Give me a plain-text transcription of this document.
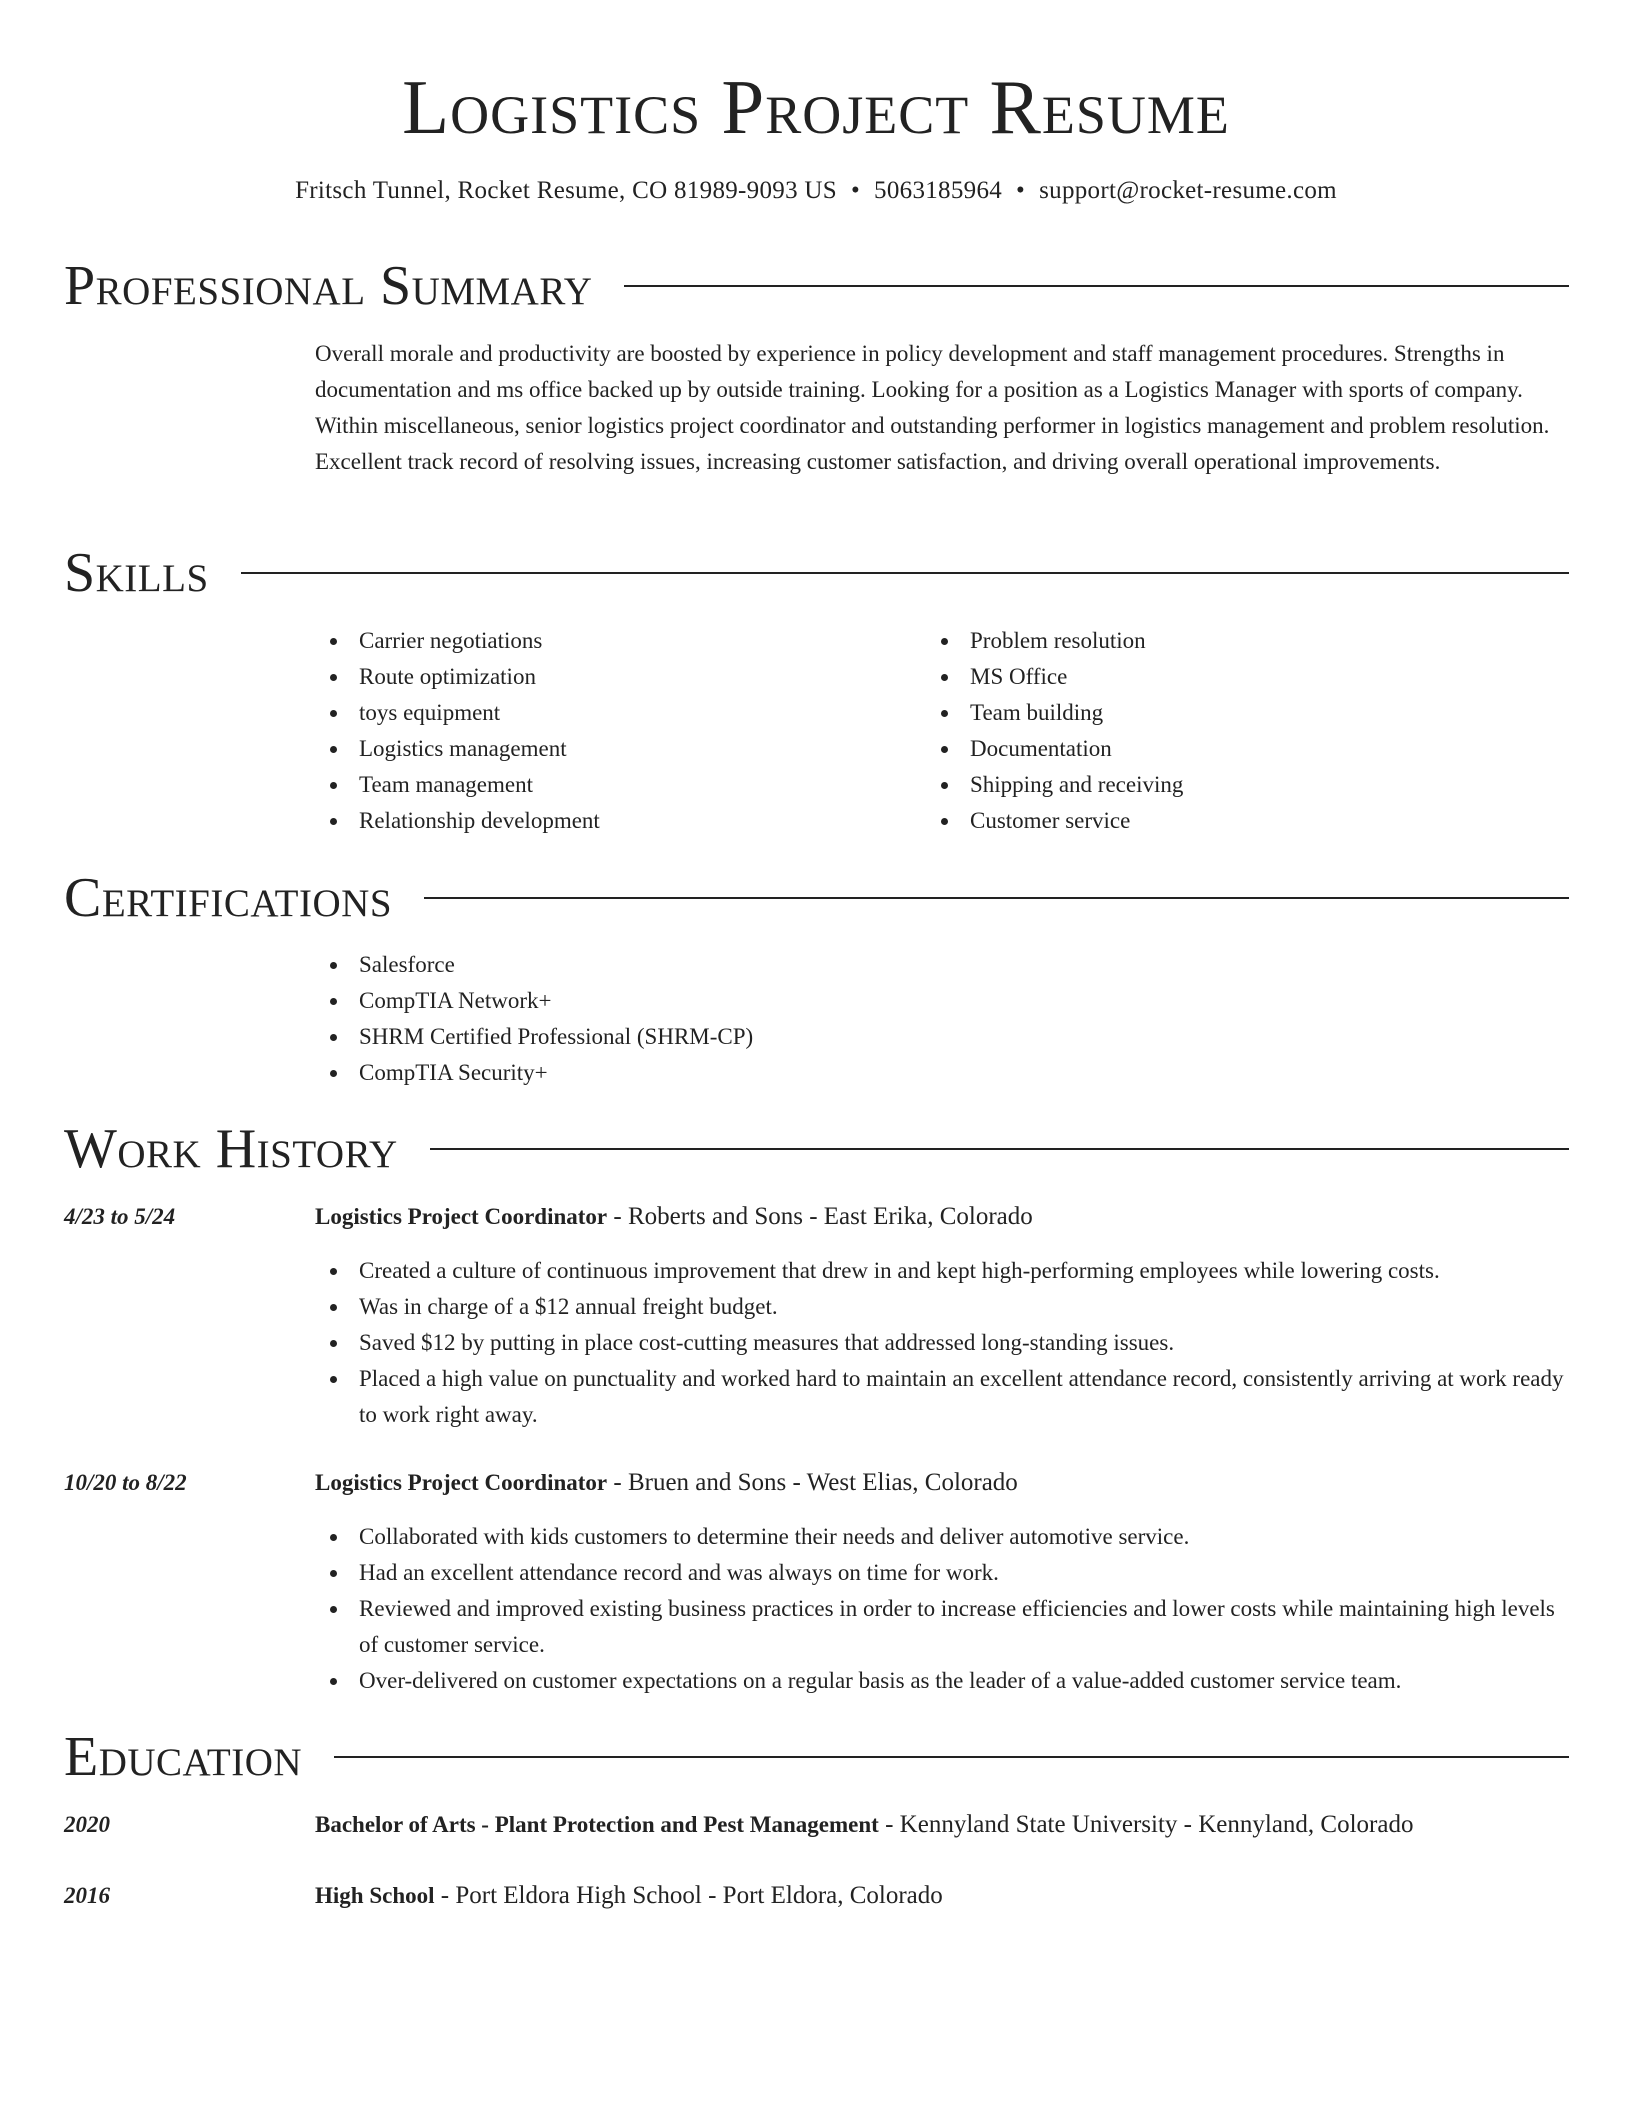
Logistics Project Resume
Fritsch Tunnel, Rocket Resume, CO 81989-9093 US • 5063185964 • support@rocket-resume.com
Professional Summary
Overall morale and productivity are boosted by experience in policy development and staff management procedures. Strengths in documentation and ms office backed up by outside training. Looking for a position as a Logistics Manager with sports of company. Within miscellaneous, senior logistics project coordinator and outstanding performer in logistics management and problem resolution. Excellent track record of resolving issues, increasing customer satisfaction, and driving overall operational improvements.
Skills
Carrier negotiations
Route optimization
toys equipment
Logistics management
Team management
Relationship development
Problem resolution
MS Office
Team building
Documentation
Shipping and receiving
Customer service
Certifications
Salesforce
CompTIA Network+
SHRM Certified Professional (SHRM-CP)
CompTIA Security+
Work History
4/23 to 5/24	Logistics Project Coordinator - Roberts and Sons - East Erika, Colorado
Created a culture of continuous improvement that drew in and kept high-performing employees while lowering costs.
Was in charge of a $12 annual freight budget.
Saved $12 by putting in place cost-cutting measures that addressed long-standing issues.
Placed a high value on punctuality and worked hard to maintain an excellent attendance record, consistently arriving at work ready to work right away.
10/20 to 8/22	Logistics Project Coordinator - Bruen and Sons - West Elias, Colorado
Collaborated with kids customers to determine their needs and deliver automotive service.
Had an excellent attendance record and was always on time for work.
Reviewed and improved existing business practices in order to increase efficiencies and lower costs while maintaining high levels of customer service.
Over-delivered on customer expectations on a regular basis as the leader of a value-added customer service team.
Education
2020	Bachelor of Arts - Plant Protection and Pest Management - Kennyland State University - Kennyland, Colorado
2016	High School - Port Eldora High School - Port Eldora, Colorado
